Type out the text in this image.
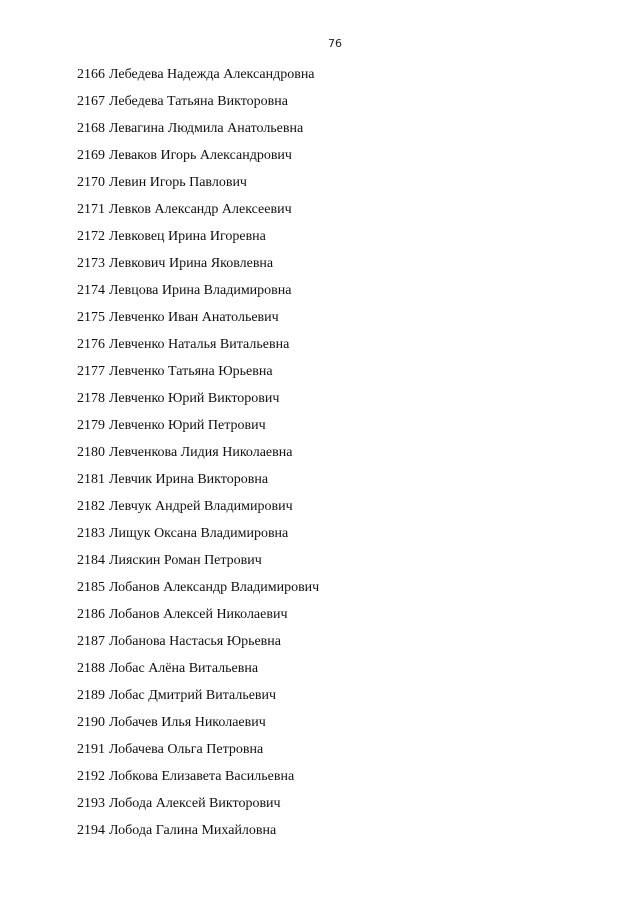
76
2166 Лебедева Надежда Александровна
2167 Лебедева Татьяна Викторовна
2168 Левагина Людмила Анатольевна
2169 Леваков Игорь Александрович
2170 Левин Игорь Павлович
2171 Левков Александр Алексеевич
2172 Левковец Ирина Игоревна
2173 Левкович Ирина Яковлевна
2174 Левцова Ирина Владимировна
2175 Левченко Иван Анатольевич
2176 Левченко Наталья Витальевна
2177 Левченко Татьяна Юрьевна
2178 Левченко Юрий Викторович
2179 Левченко Юрий Петрович
2180 Левченкова Лидия Николаевна
2181 Левчик Ирина Викторовна
2182 Левчук Андрей Владимирович
2183 Лищук Оксана Владимировна
2184 Лияскин Роман Петрович
2185 Лобанов Александр Владимирович
2186 Лобанов Алексей Николаевич
2187 Лобанова Настасья Юрьевна
2188 Лобас Алёна Витальевна
2189 Лобас Дмитрий Витальевич
2190 Лобачев Илья Николаевич
2191 Лобачева Ольга Петровна
2192 Лобкова Елизавета Васильевна
2193 Лобода Алексей Викторович
2194 Лобода Галина Михайловна
